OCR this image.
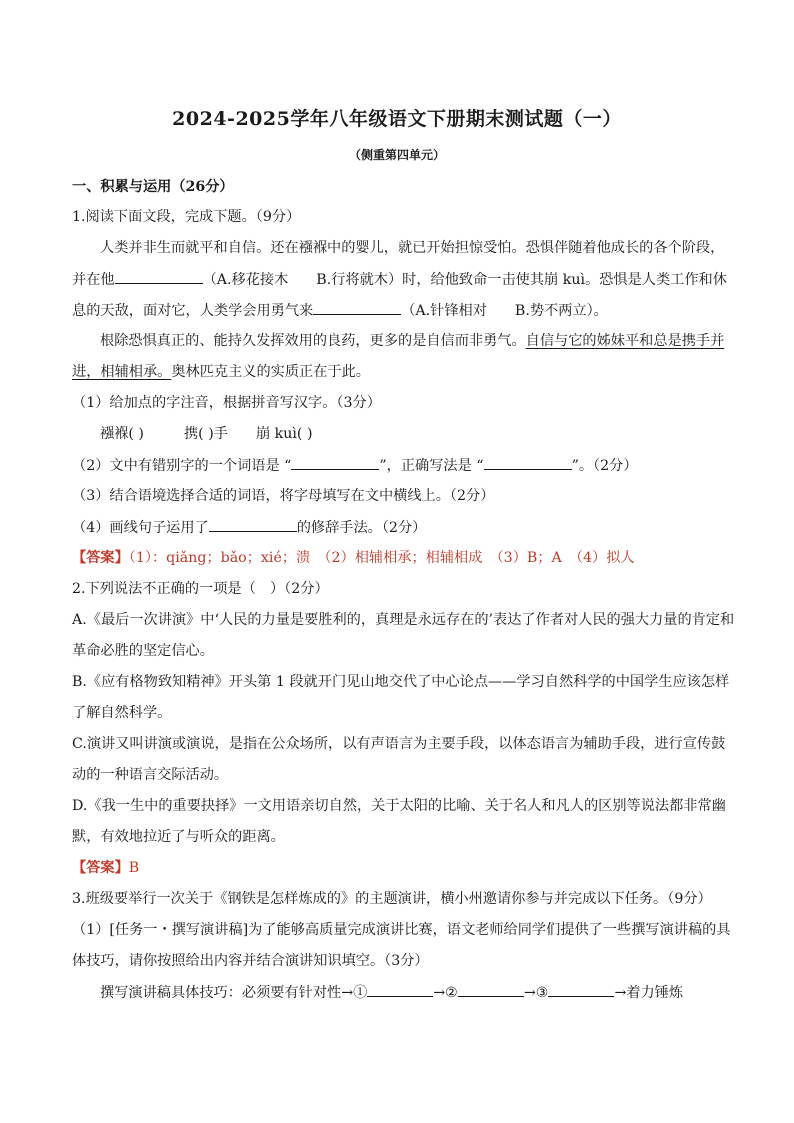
2024-2025学年八年级语文下册期末测试题（一）
（侧重第四单元）
一、积累与运用（26分）
1.阅读下面文段，完成下题。（9分）
人类并非生而就平和自信。还在襁褓中的婴儿，就已开始担惊受怕。恐惧伴随着他成长的各个阶段，
并在他	（A.移花接木 B.行将就木）时，给他致命一击使其崩 kuì。恐惧是人类工作和休
息的天敌，面对它，人类学会用勇气来	（A.针锋相对 B.势不两立）。
根除恐惧真正的、能持久发挥效用的良药，更多的是自信而非勇气。自信与它的姊妹平和总是携手并
进，相辅相承。奥林匹克主义的实质正在于此。
（1）给加点的字注音，根据拼音写汉字。（3分）
襁褓( )	携( )手 崩 kuì( )
（2）文中有错别字的一个词语是 “	”，正确写法是 “	”。（2分）
（3）结合语境选择合适的词语，将字母填写在文中横线上。（2分）
（4）画线句子运用了	的修辞手法。（2分）
【答案】（1）：qiǎng；bǎo；xié；溃　（2）相辅相承；相辅相成　（3）B；A　（4）拟人
2.下列说法不正确的一项是（　）（2分）
A.《最后一次讲演》中‘人民的力量是要胜利的，真理是永远存在的’表达了作者对人民的强大力量的肯定和
革命必胜的坚定信心。
B.《应有格物致知精神》开头第 1 段就开门见山地交代了中心论点——学习自然科学的中国学生应该怎样
了解自然科学。
C.演讲又叫讲演或演说，是指在公众场所，以有声语言为主要手段，以体态语言为辅助手段，进行宣传鼓
动的一种语言交际活动。
D.《我一生中的重要抉择》一文用语亲切自然，关于太阳的比喻、关于名人和凡人的区别等说法都非常幽
默，有效地拉近了与听众的距离。
【答案】B
3.班级要举行一次关于《钢铁是怎样炼成的》的主题演讲，横小州邀请你参与并完成以下任务。（9分）
（1）[任务一・撰写演讲稿]为了能够高质量完成演讲比赛，语文老师给同学们提供了一些撰写演讲稿的具
体技巧，请你按照给出内容并结合演讲知识填空。（3分）
撰写演讲稿具体技巧：必须要有针对性→①	→②	→③	→着力锤炼
